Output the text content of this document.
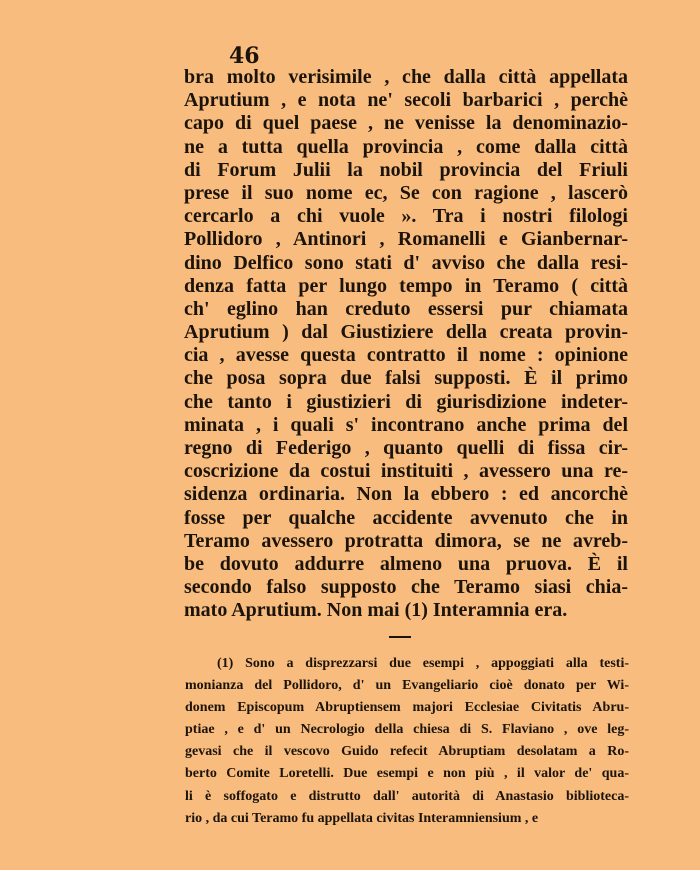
46
bra molto verisimile , che dalla città appellata
Aprutium , e nota ne' secoli barbarici , perchè
capo di quel paese , ne venisse la denominazio-
ne a tutta quella provincia , come dalla città
di Forum Julii la nobil provincia del Friuli
prese il suo nome ec, Se con ragione , lascerò
cercarlo a chi vuole ». Tra i nostri filologi
Pollidoro , Antinori , Romanelli e Gianbernar-
dino Delfico sono stati d' avviso che dalla resi-
denza fatta per lungo tempo in Teramo ( città
ch' eglino han creduto essersi pur chiamata
Aprutium ) dal Giustiziere della creata provin-
cia , avesse questa contratto il nome : opinione
che posa sopra due falsi supposti. È il primo
che tanto i giustizieri di giurisdizione indeter-
minata , i quali s' incontrano anche prima del
regno di Federigo , quanto quelli di fissa cir-
coscrizione da costui instituiti , avessero una re-
sidenza ordinaria. Non la ebbero : ed ancorchè
fosse per qualche accidente avvenuto che in
Teramo avessero protratta dimora, se ne avreb-
be dovuto addurre almeno una pruova. È il
secondo falso supposto che Teramo siasi chia-
mato Aprutium. Non mai (1) Interamnia era.
(1) Sono a disprezzarsi due esempi , appoggiati alla testi-
monianza del Pollidoro, d' un Evangeliario cioè donato per Wi-
donem Episcopum Abruptiensem majori Ecclesiae Civitatis Abru-
ptiae , e d' un Necrologio della chiesa di S. Flaviano , ove leg-
gevasi che il vescovo Guido refecit Abruptiam desolatam a Ro-
berto Comite Loretelli. Due esempi e non più , il valor de' qua-
li è soffogato e distrutto dall' autorità di Anastasio biblioteca-
rio , da cui Teramo fu appellata civitas Interamniensium , e
